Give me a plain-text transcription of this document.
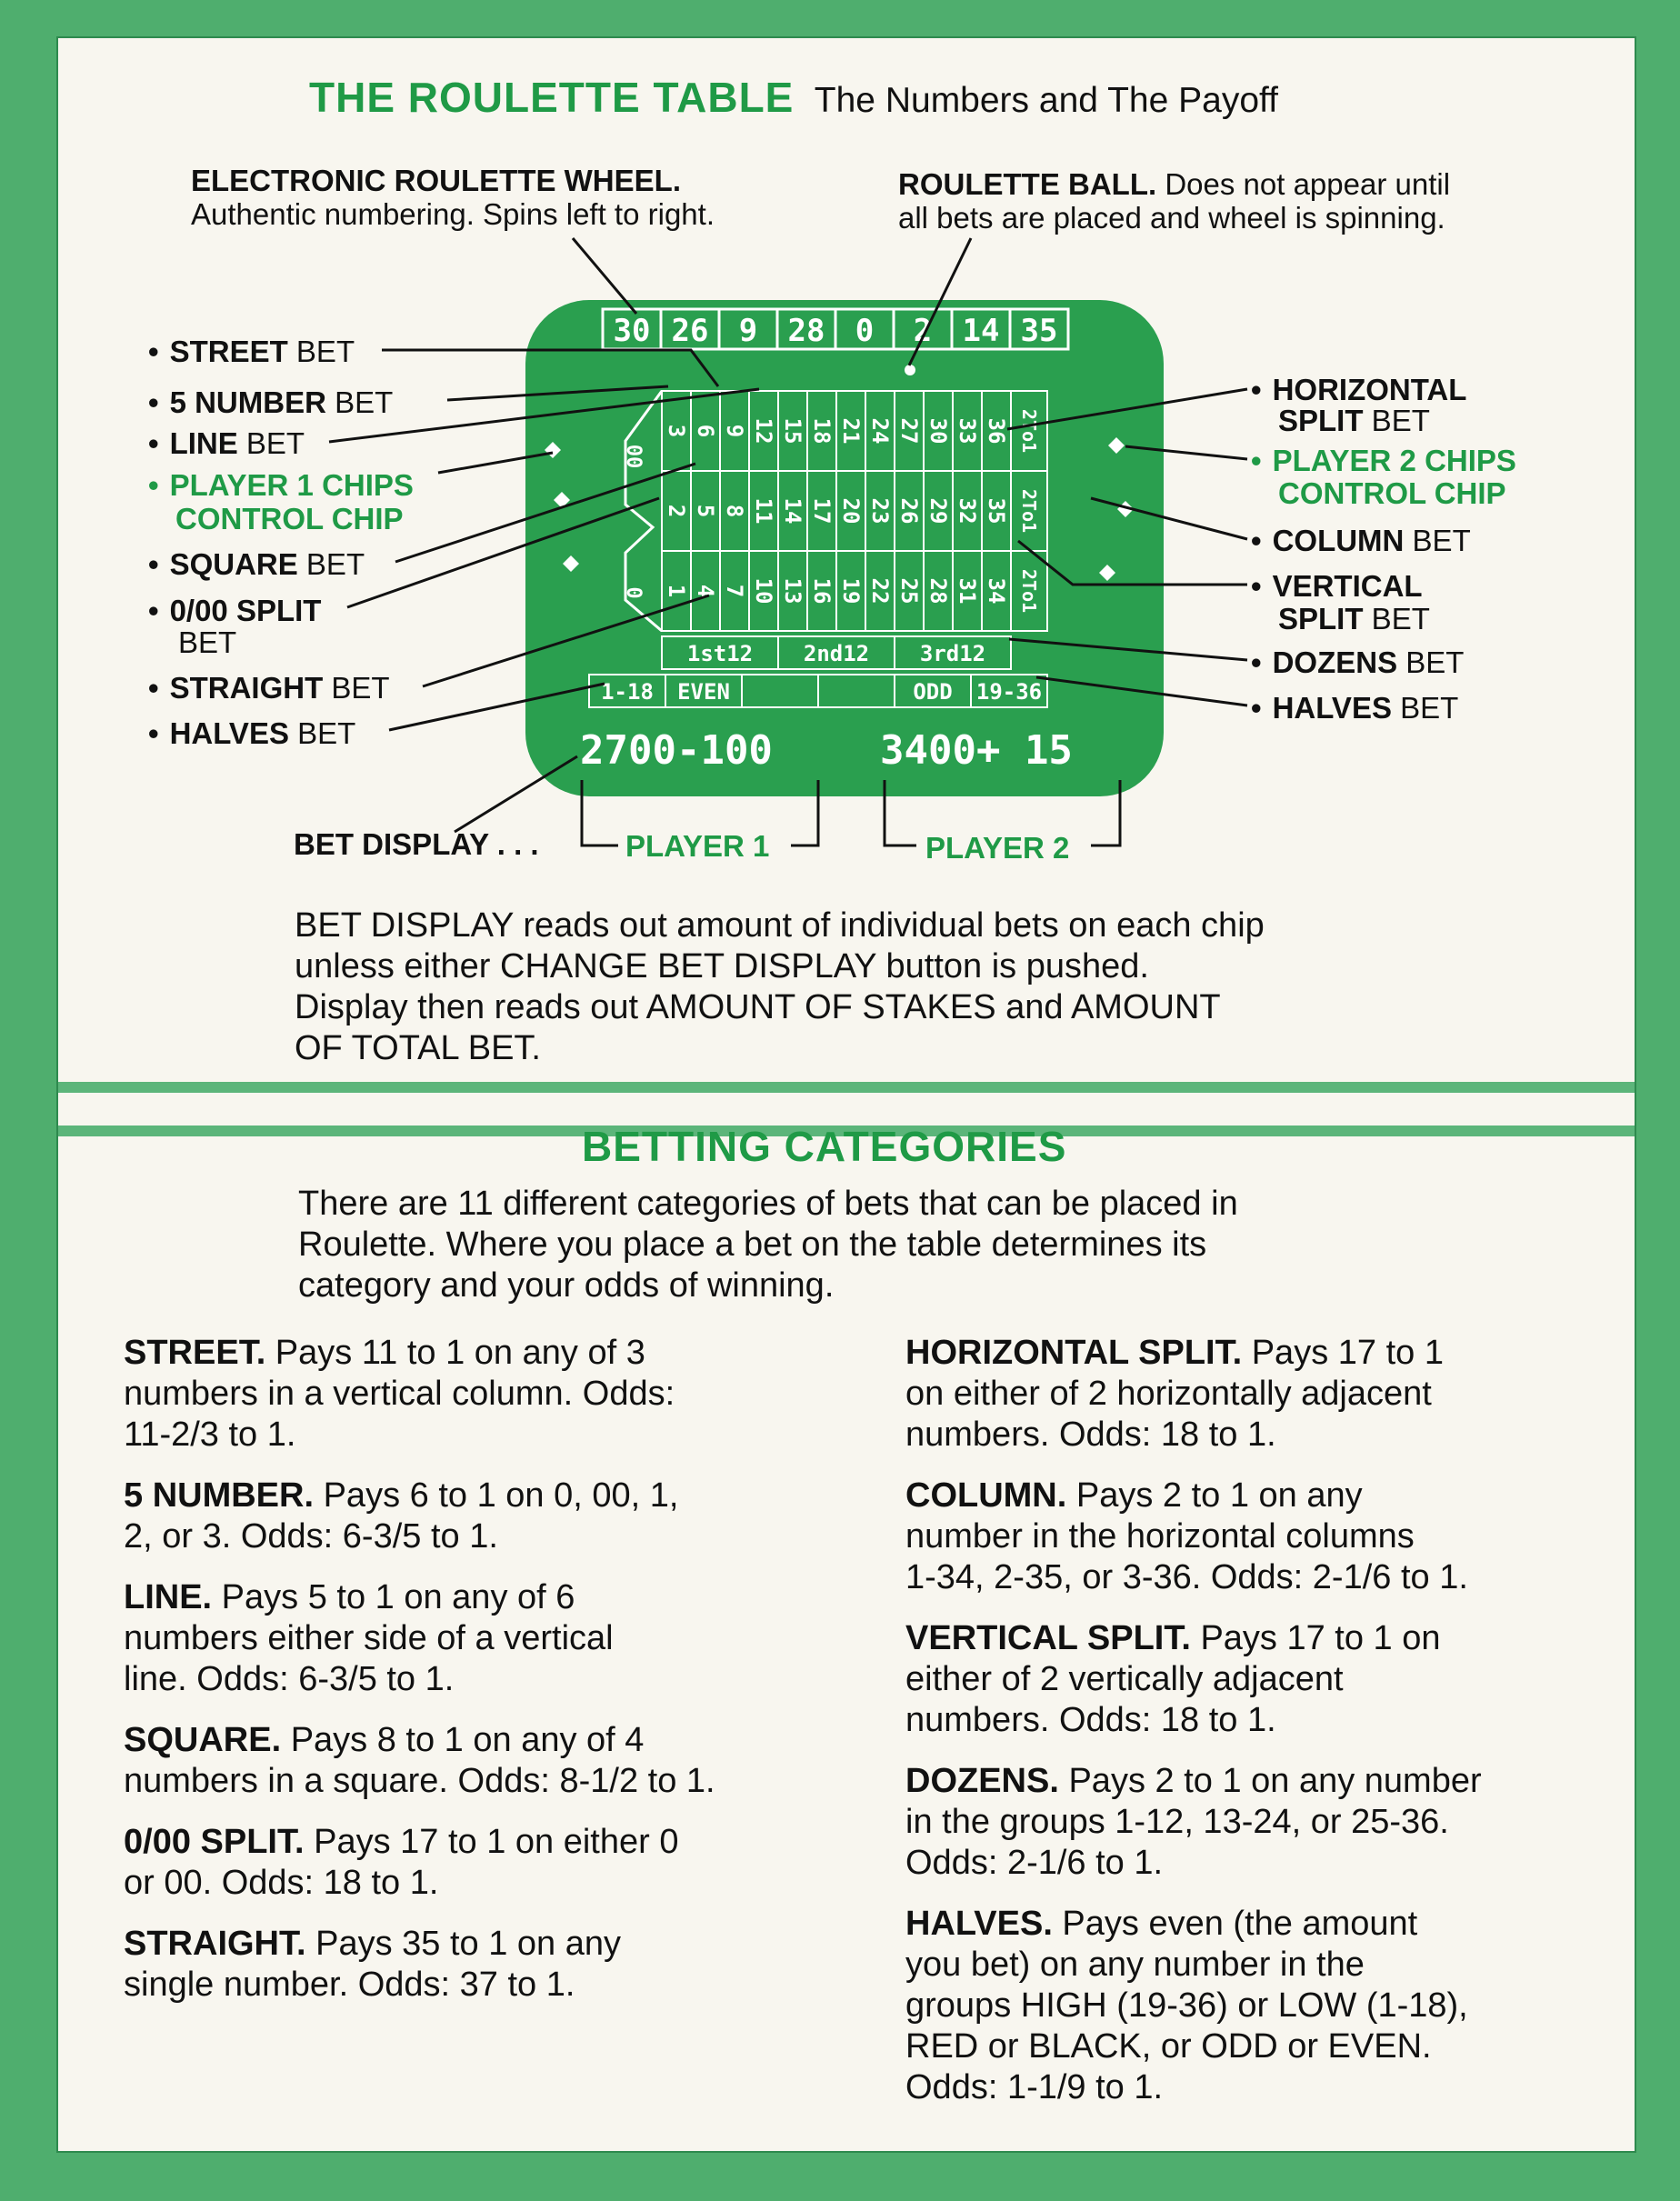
THE ROULETTE TABLE The Numbers and The Payoff
ELECTRONIC ROULETTE WHEEL.
Authentic numbering. Spins left to right.
ROULETTE BALL. Does not appear until
all bets are placed and wheel is spinning.
• STREET BET
• 5 NUMBER BET
• LINE BET
• PLAYER 1 CHIPS
CONTROL CHIP
• SQUARE BET
• 0/00 SPLIT
BET
• STRAIGHT BET
• HALVES BET
• HORIZONTAL
SPLIT BET
• PLAYER 2 CHIPS
CONTROL CHIP
• COLUMN BET
• VERTICAL
SPLIT BET
• DOZENS BET
• HALVES BET
30 26 9 28 0 2 14 35
3 6 9 12 15 18 21 24 27 30 33 36 2To1
2 5 8 11 14 17 20 23 26 29 32 35 2To1
1 4 7 10 13 16 19 22 25 28 31 34 2To1
00
0
1st12 2nd12 3rd12
1-18 EVEN	ODD 19-36
2700-100	3400+ 15
BET DISPLAY . . .	PLAYER 1	PLAYER 2
BET DISPLAY reads out amount of individual bets on each chip
unless either CHANGE BET DISPLAY button is pushed.
Display then reads out AMOUNT OF STAKES and AMOUNT
OF TOTAL BET.
BETTING CATEGORIES
There are 11 different categories of bets that can be placed in
Roulette. Where you place a bet on the table determines its
category and your odds of winning.
STREET. Pays 11 to 1 on any of 3
numbers in a vertical column. Odds:
11-2/3 to 1.
5 NUMBER. Pays 6 to 1 on 0, 00, 1,
2, or 3. Odds: 6-3/5 to 1.
LINE. Pays 5 to 1 on any of 6
numbers either side of a vertical
line. Odds: 6-3/5 to 1.
SQUARE. Pays 8 to 1 on any of 4
numbers in a square. Odds: 8-1/2 to 1.
0/00 SPLIT. Pays 17 to 1 on either 0
or 00. Odds: 18 to 1.
STRAIGHT. Pays 35 to 1 on any
single number. Odds: 37 to 1.
HORIZONTAL SPLIT. Pays 17 to 1
on either of 2 horizontally adjacent
numbers. Odds: 18 to 1.
COLUMN. Pays 2 to 1 on any
number in the horizontal columns
1-34, 2-35, or 3-36. Odds: 2-1/6 to 1.
VERTICAL SPLIT. Pays 17 to 1 on
either of 2 vertically adjacent
numbers. Odds: 18 to 1.
DOZENS. Pays 2 to 1 on any number
in the groups 1-12, 13-24, or 25-36.
Odds: 2-1/6 to 1.
HALVES. Pays even (the amount
you bet) on any number in the
groups HIGH (19-36) or LOW (1-18),
RED or BLACK, or ODD or EVEN.
Odds: 1-1/9 to 1.
